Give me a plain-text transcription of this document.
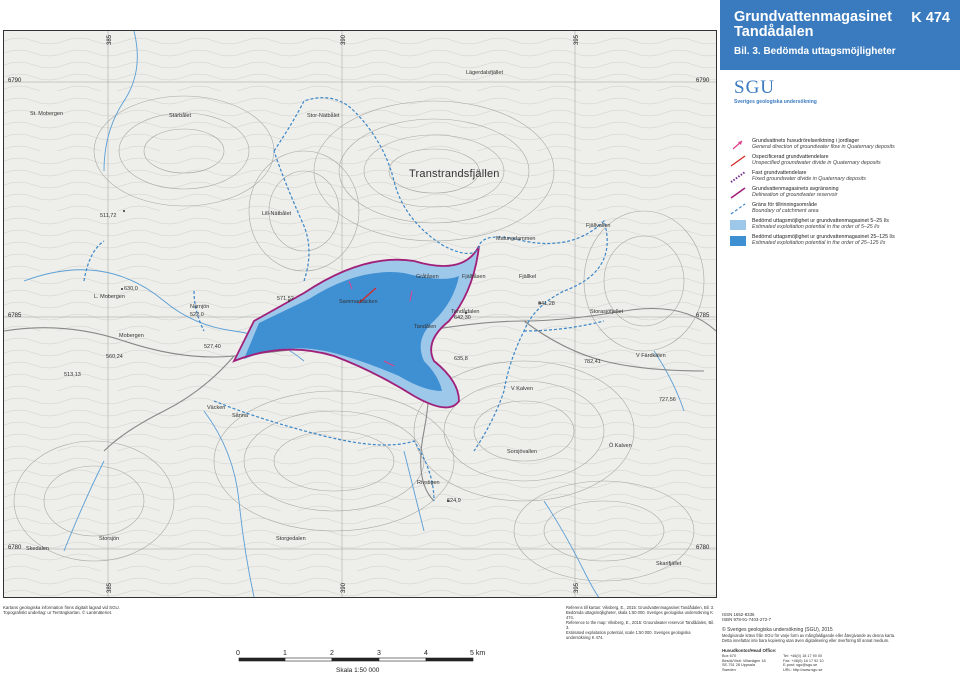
Transtrandsfjällen
St. Mobergen	Stärbålet	Stor-Nätbålet
Lägerdalsfjället
Lill-Nätbålet
Malungdammen
Fjällvallen
Gråtåsen	Fjälltåsen	Fjällkel
L. Mobergen
Närnjön
Mobergen
Tandålen
Tandådalen	Storasjöfjellet
V Färdkälen
V Kalven
Ö Kalven
Väcken
Sånna
Storsjön
Skedalen
Sorsjövallen
Skarifjället
Storgedalen
Rivstigen
Sammarbäcken
511,72
630,0
522,0
527,40
560,24
513,13
571,52
641,28
642,30
635,8	782,41
727,56
624,9
6790
6785
6780
6790
6785
6780
385	390	395
385	390	395
Grundvattenmagasinet Tandådalen
K 474
Bil. 3. Bedömda uttagsmöjligheter
SGU
Sveriges geologiska undersökning
Grundvattnets huvudrörelseriktning i jordlager
General direction of groundwater flow in Quaternary deposits
Ospecificerad grundvattendelare
Unspecified groundwater divide in Quaternary deposits
Fast grundvattendelare
Fixed groundwater divide in Quaternary deposits
Grundvattenmagasinets avgränsning
Delineation of groundwater reservoir
Gräns för tillrinningsområde
Boundary of catchment area
Bedömd uttagsmöjlighet ur grundvattenmagasinet 5–25 l/s
Estimated exploitation potential in the order of 5–25 l/s
Bedömd uttagsmöjlighet ur grundvattenmagasinet 25–125 l/s
Estimated exploitation potential in the order of 25–125 l/s
Kartans geologiska information finns digitalt lagrad vid SGU.
Topografiskt underlag: ur Terrängkartan. © Lantmäteriet.
0	1	2	3	4	5 km
Skala 1:50 000
Referens till kartan: Viksberg, E., 2015: Grundvattenmagasinet Tandådalen, Bil. 3.
Bedömda uttagsmöjligheter, skala 1:50 000. Sveriges geologiska undersökning K 474.
Reference to the map: Viksberg, E., 2015: Groundwater reservoir Tandådalen, Bil. 3.
Estimated exploitation potential, scale 1:50 000. Sveriges geologiska undersökning K 474.
ISSN 1652-8336
ISBN 978-91-7403-272-7
© Sveriges geologiska undersökning (SGU), 2015
Medgivande krävs från SGU för varje form av mångfaldigande eller återgivande av denna karta.
Detta innefattar inte bara kopiering utan även digitalisering eller överföring till annat medium.
Huvudkontor/Head Office:
Box 670
Besök/Visit: Villavägen 18
SE-751 28 Uppsala
Sweden
Tel: +46(0) 18 17 90 00
Fax: +46(0) 18 17 92 10
E-post: sgu@sgu.se
URL: http://www.sgu.se
